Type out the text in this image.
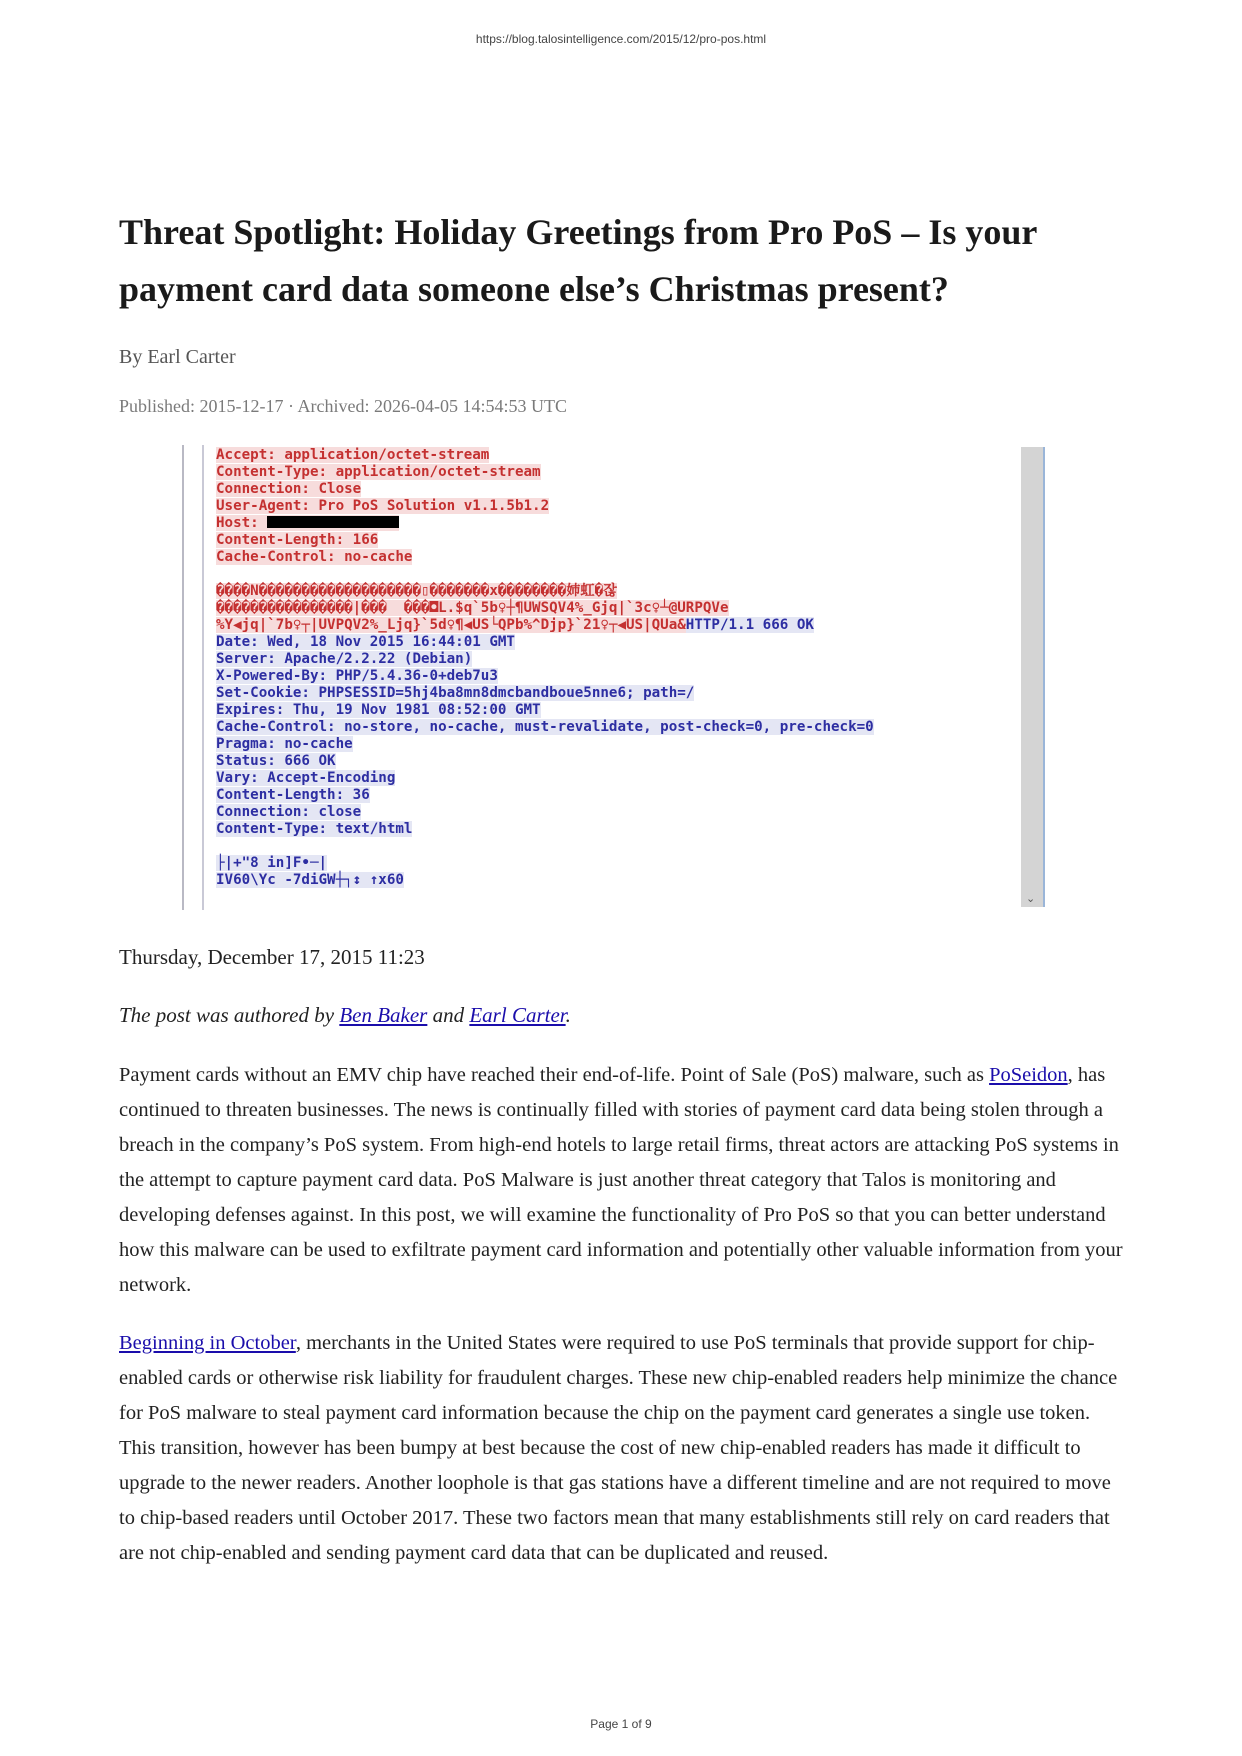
https://blog.talosintelligence.com/2015/12/pro-pos.html
Threat Spotlight: Holiday Greetings from Pro PoS – Is your payment card data someone else’s Christmas present?
By Earl Carter
Published: 2015-12-17 · Archived: 2026-04-05 14:54:53 UTC
Accept: application/octet-stream
Content-Type: application/octet-stream
Connection: Close
User-Agent: Pro PoS Solution v1.1.5b1.2
Host:
Content-Length: 166
Cache-Control: no-cache

����N�������������������▯�������x��������姉虹�잖
����������������|���  ���◘L.$q`5b♀┼¶UWSQV4%_Gjq|`3c♀┴@URPQVe
%Y◀jq|`7b♀┬|UVPQV2%_Ljq}`5d♀¶◀US└QPb%^Djp}`21♀┬◀US|QUa&HTTP/1.1 666 OK
Date: Wed, 18 Nov 2015 16:44:01 GMT
Server: Apache/2.2.22 (Debian)
X-Powered-By: PHP/5.4.36-0+deb7u3
Set-Cookie: PHPSESSID=5hj4ba8mn8dmcbandboue5nne6; path=/
Expires: Thu, 19 Nov 1981 08:52:00 GMT
Cache-Control: no-store, no-cache, must-revalidate, post-check=0, pre-check=0
Pragma: no-cache
Status: 666 OK
Vary: Accept-Encoding
Content-Length: 36
Connection: close
Content-Type: text/html

├|+"8 in]F•─|
IV60\Yc -7diGW┼┐↕ ↑x60
⌄
Thursday, December 17, 2015 11:23
The post was authored by Ben Baker and Earl Carter.

Payment cards without an EMV chip have reached their end-of-life. Point of Sale (PoS) malware, such as PoSeidon, has continued to threaten businesses. The news is continually filled with stories of payment card data being stolen through a breach in the company’s PoS system. From high-end hotels to large retail firms, threat actors are attacking PoS systems in the attempt to capture payment card data. PoS Malware is just another threat category that Talos is monitoring and developing defenses against. In this post, we will examine the functionality of Pro PoS so that you can better understand how this malware can be used to exfiltrate payment card information and potentially other valuable information from your network.

Beginning in October, merchants in the United States were required to use PoS terminals that provide support for chip-enabled cards or otherwise risk liability for fraudulent charges. These new chip-enabled readers help minimize the chance for PoS malware to steal payment card information because the chip on the payment card generates a single use token. This transition, however has been bumpy at best because the cost of new chip-enabled readers has made it difficult to upgrade to the newer readers. Another loophole is that gas stations have a different timeline and are not required to move to chip-based readers until October 2017. These two factors mean that many establishments still rely on card readers that are not chip-enabled and sending payment card data that can be duplicated and reused.

Page 1 of 9
